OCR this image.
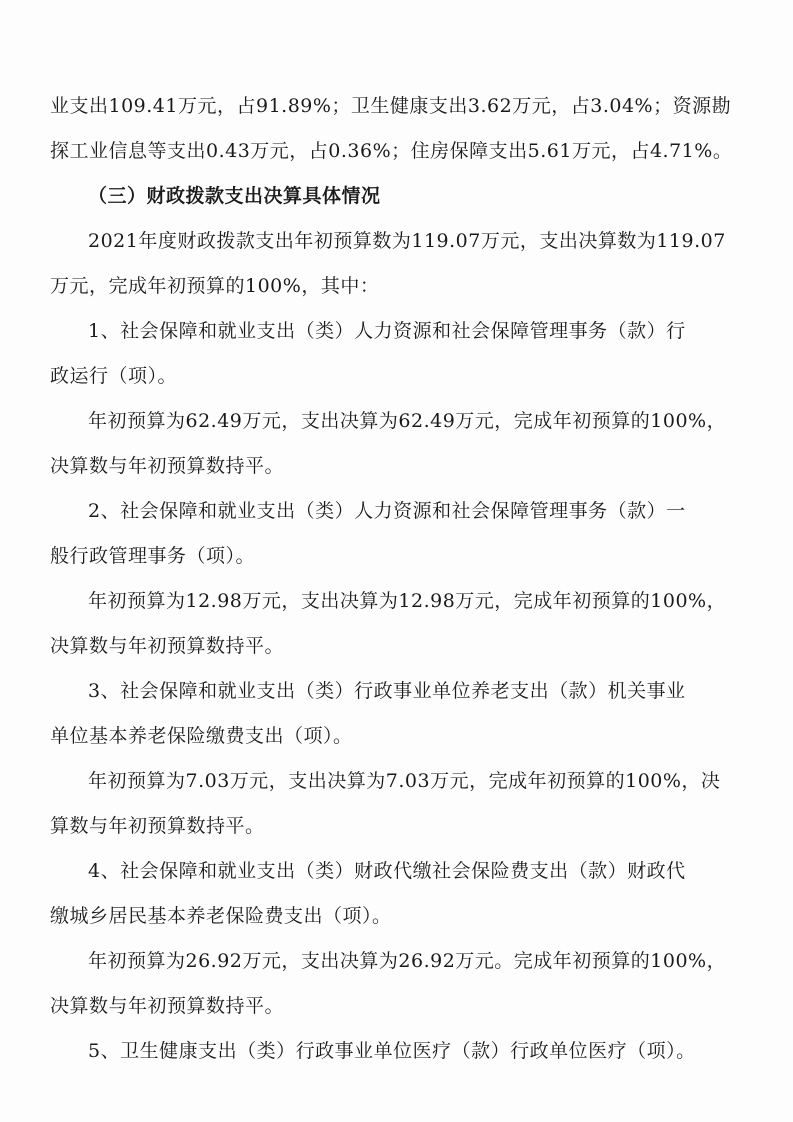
业支出109.41万元，占91.89%；卫生健康支出3.62万元，占3.04%；资源勘
探工业信息等支出0.43万元，占0.36%；住房保障支出5.61万元，占4.71%。
（三）财政拨款支出决算具体情况
2021年度财政拨款支出年初预算数为119.07万元，支出决算数为119.07
万元，完成年初预算的100%，其中：
1、社会保障和就业支出（类）人力资源和社会保障管理事务（款）行
政运行（项）。
年初预算为62.49万元，支出决算为62.49万元，完成年初预算的100%，
决算数与年初预算数持平。
2、社会保障和就业支出（类）人力资源和社会保障管理事务（款）一
般行政管理事务（项）。
年初预算为12.98万元，支出决算为12.98万元，完成年初预算的100%，
决算数与年初预算数持平。
3、社会保障和就业支出（类）行政事业单位养老支出（款）机关事业
单位基本养老保险缴费支出（项）。
年初预算为7.03万元，支出决算为7.03万元，完成年初预算的100%，决
算数与年初预算数持平。
4、社会保障和就业支出（类）财政代缴社会保险费支出（款）财政代
缴城乡居民基本养老保险费支出（项）。
年初预算为26.92万元，支出决算为26.92万元。完成年初预算的100%，
决算数与年初预算数持平。
5、卫生健康支出（类）行政事业单位医疗（款）行政单位医疗（项）。
